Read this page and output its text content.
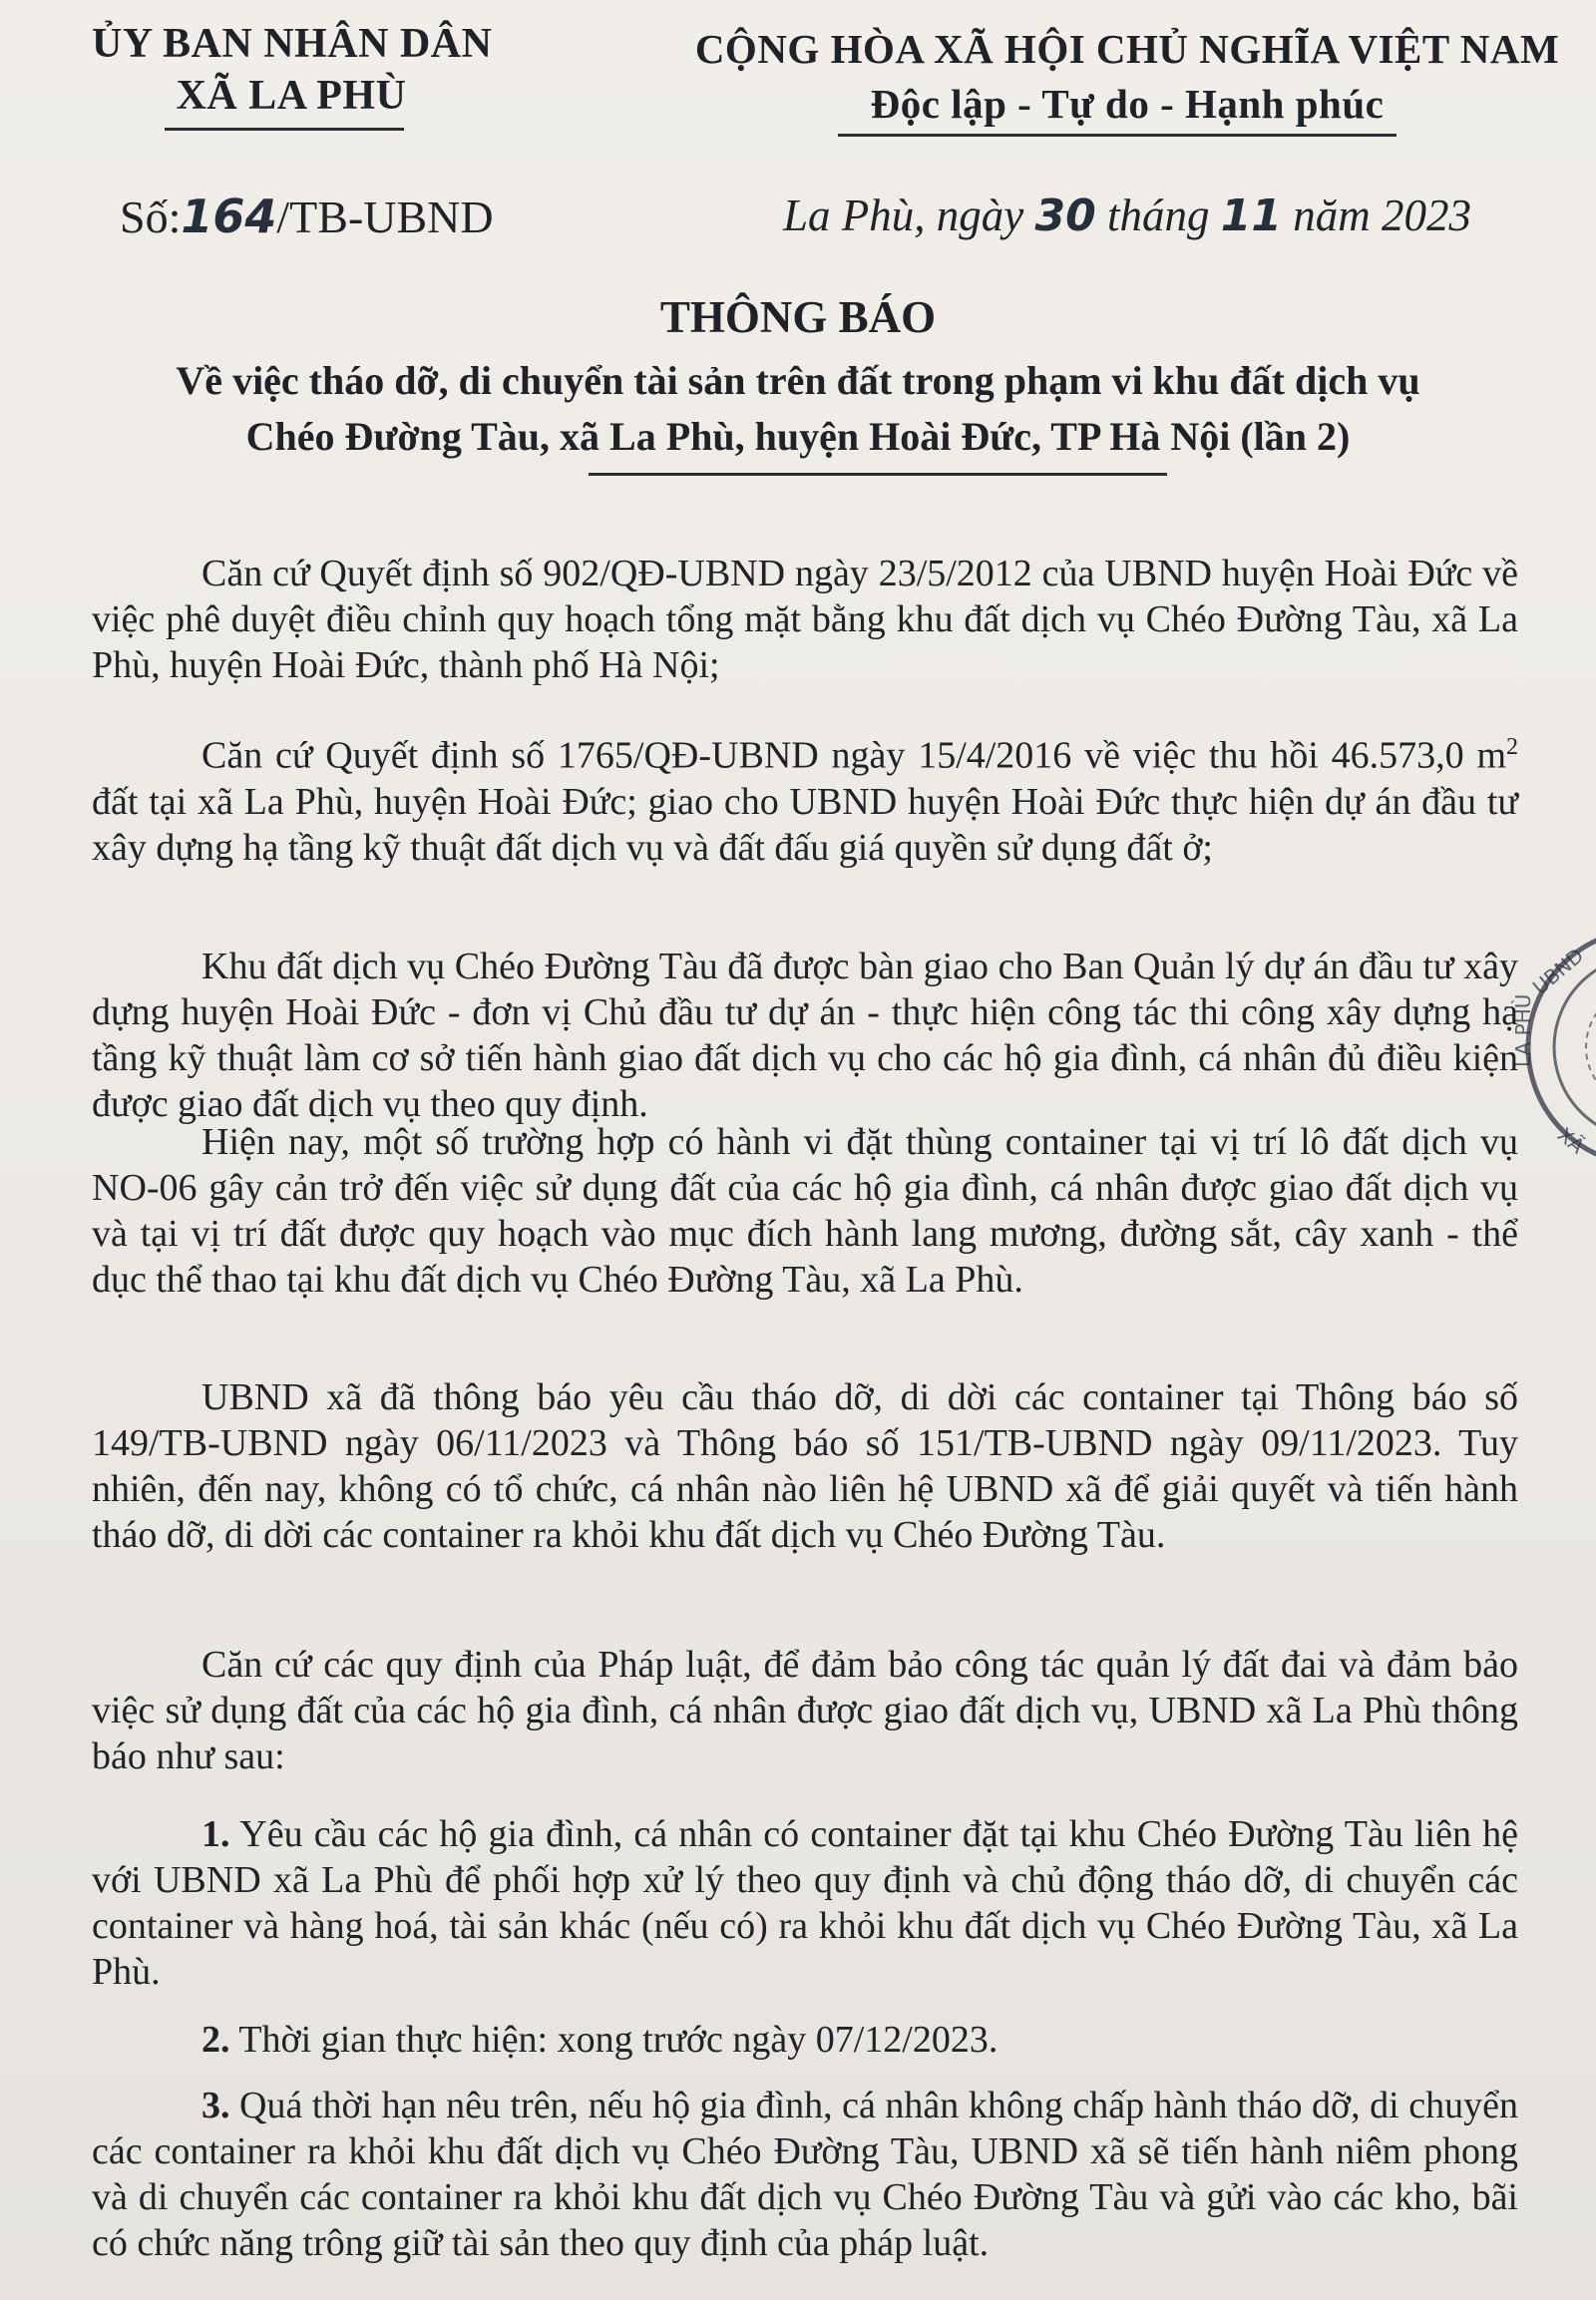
ỦY BAN NHÂN DÂN
XÃ LA PHÙ
CỘNG HÒA XÃ HỘI CHỦ NGHĨA VIỆT NAM
Độc lập - Tự do - Hạnh phúc
Số:164/TB-UBND	La Phù, ngày 30 tháng 11 năm 2023
THÔNG BÁO
Về việc tháo dỡ, di chuyển tài sản trên đất trong phạm vi khu đất dịch vụ
Chéo Đường Tàu, xã La Phù, huyện Hoài Đức, TP Hà Nội (lần 2)

Căn cứ Quyết định số 902/QĐ-UBND ngày 23/5/2012 của UBND huyện Hoài Đức về việc phê duyệt điều chỉnh quy hoạch tổng mặt bằng khu đất dịch vụ Chéo Đường Tàu, xã La Phù, huyện Hoài Đức, thành phố Hà Nội;

Căn cứ Quyết định số 1765/QĐ-UBND ngày 15/4/2016 về việc thu hồi 46.573,0 $m^2$ đất tại xã La Phù, huyện Hoài Đức; giao cho UBND huyện Hoài Đức thực hiện dự án đầu tư xây dựng hạ tầng kỹ thuật đất dịch vụ và đất đấu giá quyền sử dụng đất ở;

Khu đất dịch vụ Chéo Đường Tàu đã được bàn giao cho Ban Quản lý dự án đầu tư xây dựng huyện Hoài Đức - đơn vị Chủ đầu tư dự án - thực hiện công tác thi công xây dựng hạ tầng kỹ thuật làm cơ sở tiến hành giao đất dịch vụ cho các hộ gia đình, cá nhân đủ điều kiện được giao đất dịch vụ theo quy định.

Hiện nay, một số trường hợp có hành vi đặt thùng container tại vị trí lô đất dịch vụ NO-06 gây cản trở đến việc sử dụng đất của các hộ gia đình, cá nhân được giao đất dịch vụ và tại vị trí đất được quy hoạch vào mục đích hành lang mương, đường sắt, cây xanh - thể dục thể thao tại khu đất dịch vụ Chéo Đường Tàu, xã La Phù.

UBND xã đã thông báo yêu cầu tháo dỡ, di dời các container tại Thông báo số 149/TB-UBND ngày 06/11/2023 và Thông báo số 151/TB-UBND ngày 09/11/2023. Tuy nhiên, đến nay, không có tổ chức, cá nhân nào liên hệ UBND xã để giải quyết và tiến hành tháo dỡ, di dời các container ra khỏi khu đất dịch vụ Chéo Đường Tàu.

Căn cứ các quy định của Pháp luật, để đảm bảo công tác quản lý đất đai và đảm bảo việc sử dụng đất của các hộ gia đình, cá nhân được giao đất dịch vụ, UBND xã La Phù thông báo như sau:

1. Yêu cầu các hộ gia đình, cá nhân có container đặt tại khu Chéo Đường Tàu liên hệ với UBND xã La Phù để phối hợp xử lý theo quy định và chủ động tháo dỡ, di chuyển các container và hàng hoá, tài sản khác (nếu có) ra khỏi khu đất dịch vụ Chéo Đường Tàu, xã La Phù.

2. Thời gian thực hiện: xong trước ngày 07/12/2023.

3. Quá thời hạn nêu trên, nếu hộ gia đình, cá nhân không chấp hành tháo dỡ, di chuyển các container ra khỏi khu đất dịch vụ Chéo Đường Tàu, UBND xã sẽ tiến hành niêm phong và di chuyển các container ra khỏi khu đất dịch vụ Chéo Đường Tàu và gửi vào các kho, bãi có chức năng trông giữ tài sản theo quy định của pháp luật.

UBND
LA PHÙ
XÃ
